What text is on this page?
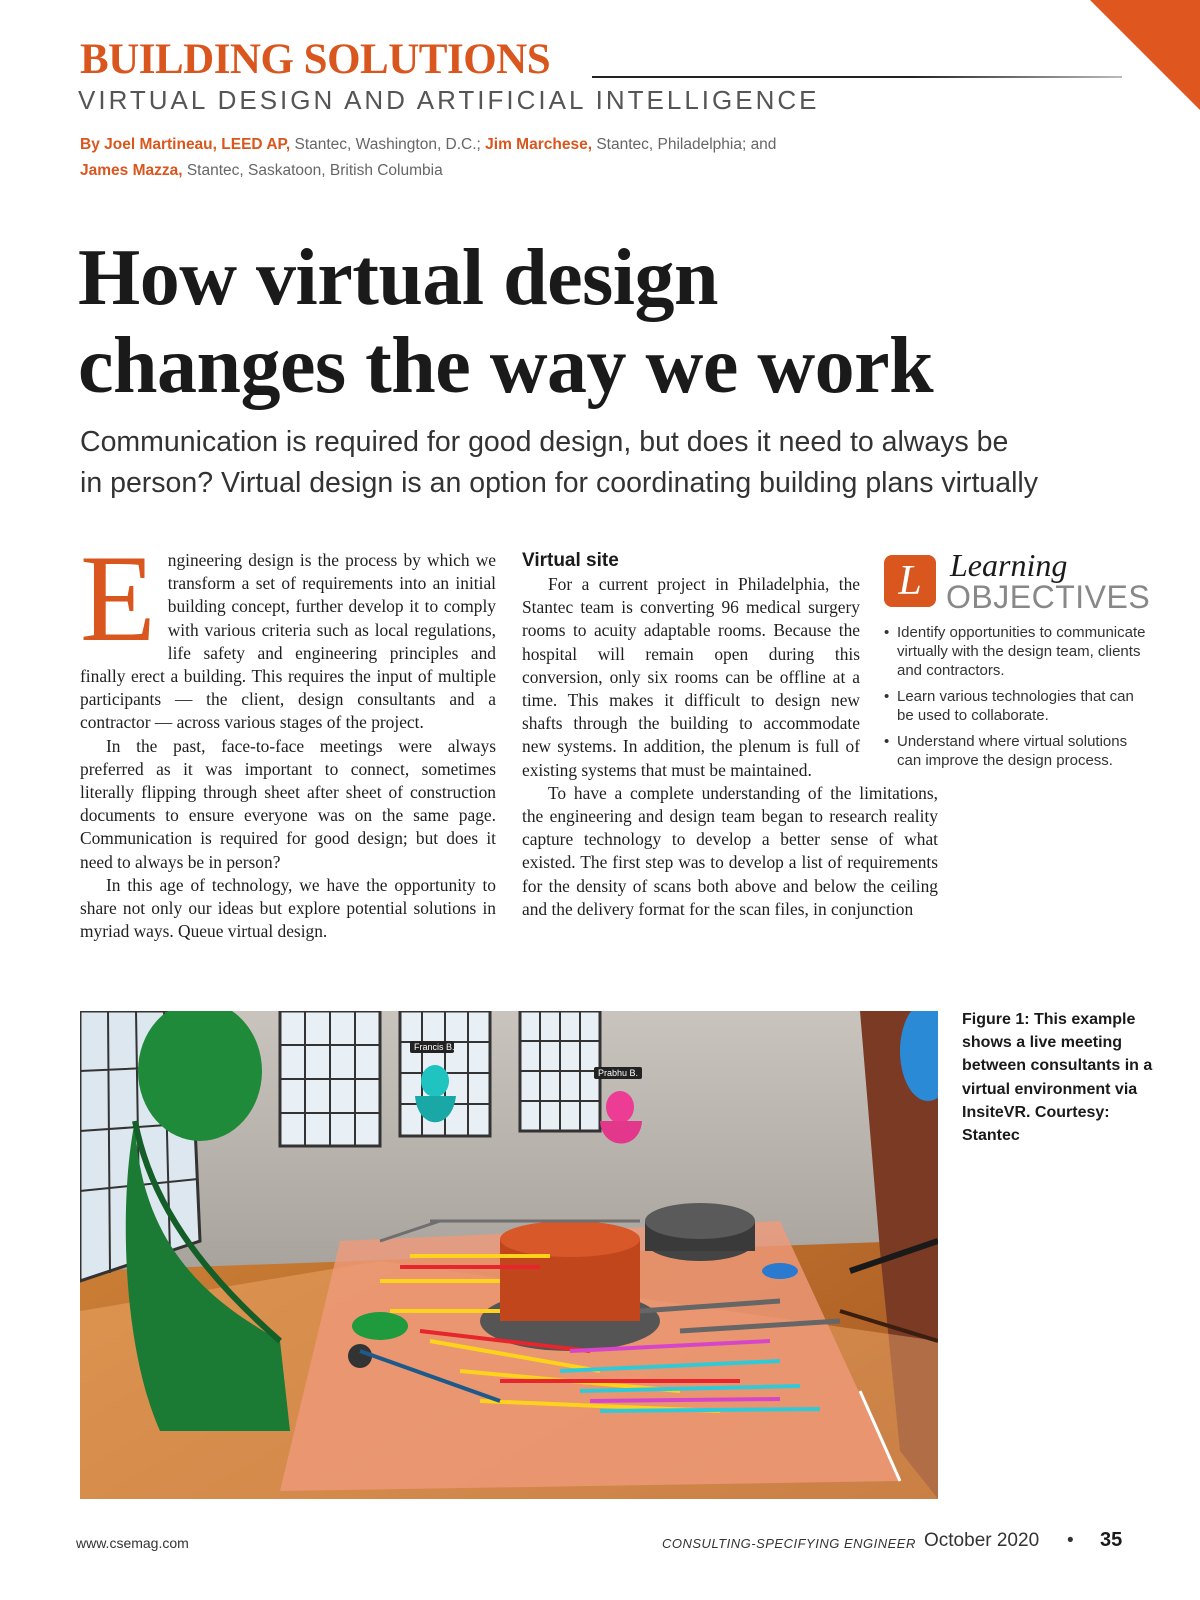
BUILDING SOLUTIONS
VIRTUAL DESIGN AND ARTIFICIAL INTELLIGENCE
By Joel Martineau, LEED AP, Stantec, Washington, D.C.; Jim Marchese, Stantec, Philadelphia; and
James Mazza, Stantec, Saskatoon, British Columbia
How virtual design
changes the way we work
Communication is required for good design, but does it need to always be
in person? Virtual design is an option for coordinating building plans virtually
E ngineering design is the process by which we transform a set of requirements into an initial building concept, further develop it to comply with various criteria such as local regulations, life safety and engineering principles and finally erect a building. This requires the input of multiple participants — the client, design consultants and a contractor — across various stages of the project.

In the past, face-to-face meetings were always preferred as it was important to connect, sometimes literally flipping through sheet after sheet of construction documents to ensure everyone was on the same page. Communication is required for good design; but does it need to always be in person?

In this age of technology, we have the opportunity to share not only our ideas but explore potential solutions in myriad ways. Queue virtual design.

Virtual site

For a current project in Philadelphia, the Stantec team is converting 96 medical surgery rooms to acuity adaptable rooms. Because the hospital will remain open during this conversion, only six rooms can be offline at a time. This makes it difficult to design new shafts through the building to accommodate new systems. In addition, the plenum is full of existing systems that must be maintained.

To have a complete understanding of the limitations, the engineering and design team began to research reality capture technology to develop a better sense of what existed. The first step was to develop a list of requirements for the density of scans both above and below the ceiling and the delivery format for the scan files, in conjunction

L Learning
OBJECTIVES
• Identify opportunities to communicate virtually with the design team, clients and contractors.
• Learn various technologies that can be used to collaborate.
• Understand where virtual solutions can improve the design process.
Francis B.
Prabhu B.
Figure 1: This example shows a live meeting between consultants in a virtual environment via InsiteVR. Courtesy: Stantec
www.csemag.com	CONSULTING-SPECIFYING ENGINEER October 2020 • 35
